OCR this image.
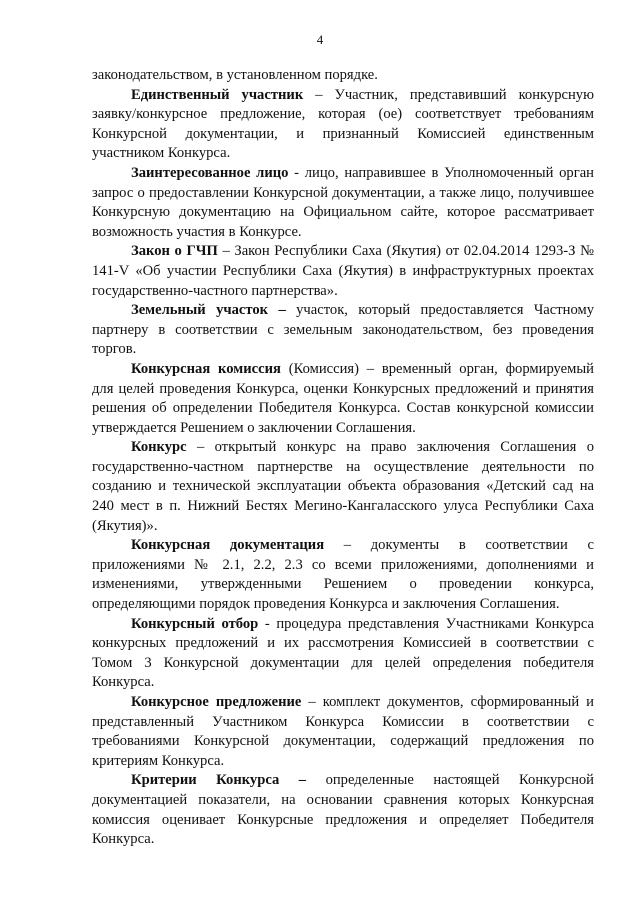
4

законодательством, в установленном порядке.

Единственный участник – Участник, представивший конкурсную заявку/конкурсное предложение, которая (ое) соответствует требованиям Конкурсной документации, и признанный Комиссией единственным участником Конкурса.

Заинтересованное лицо - лицо, направившее в Уполномоченный орган запрос о предоставлении Конкурсной документации, а также лицо, получившее Конкурсную документацию на Официальном сайте, которое рассматривает возможность участия в Конкурсе.

Закон о ГЧП – Закон Республики Саха (Якутия) от 02.04.2014 1293-З № 141-V «Об участии Республики Саха (Якутия) в инфраструктурных проектах государственно-частного партнерства».

Земельный участок – участок, который предоставляется Частному партнеру в соответствии с земельным законодательством, без проведения торгов.

Конкурсная комиссия (Комиссия) – временный орган, формируемый для целей проведения Конкурса, оценки Конкурсных предложений и принятия решения об определении Победителя Конкурса. Состав конкурсной комиссии утверждается Решением о заключении Соглашения.

Конкурс – открытый конкурс на право заключения Соглашения о государственно-частном партнерстве на осуществление деятельности по созданию и технической эксплуатации объекта образования «Детский сад на 240 мест в п. Нижний Бестях Мегино-Кангаласского улуса Республики Саха (Якутия)».

Конкурсная документация – документы в соответствии с приложениями № 2.1, 2.2, 2.3 со всеми приложениями, дополнениями и изменениями, утвержденными Решением о проведении конкурса, определяющими порядок проведения Конкурса и заключения Соглашения.

Конкурсный отбор - процедура представления Участниками Конкурса конкурсных предложений и их рассмотрения Комиссией в соответствии с Томом 3 Конкурсной документации для целей определения победителя Конкурса.

Конкурсное предложение – комплект документов, сформированный и представленный Участником Конкурса Комиссии в соответствии с требованиями Конкурсной документации, содержащий предложения по критериям Конкурса.

Критерии Конкурса – определенные настоящей Конкурсной документацией показатели, на основании сравнения которых Конкурсная комиссия оценивает Конкурсные предложения и определяет Победителя Конкурса.
